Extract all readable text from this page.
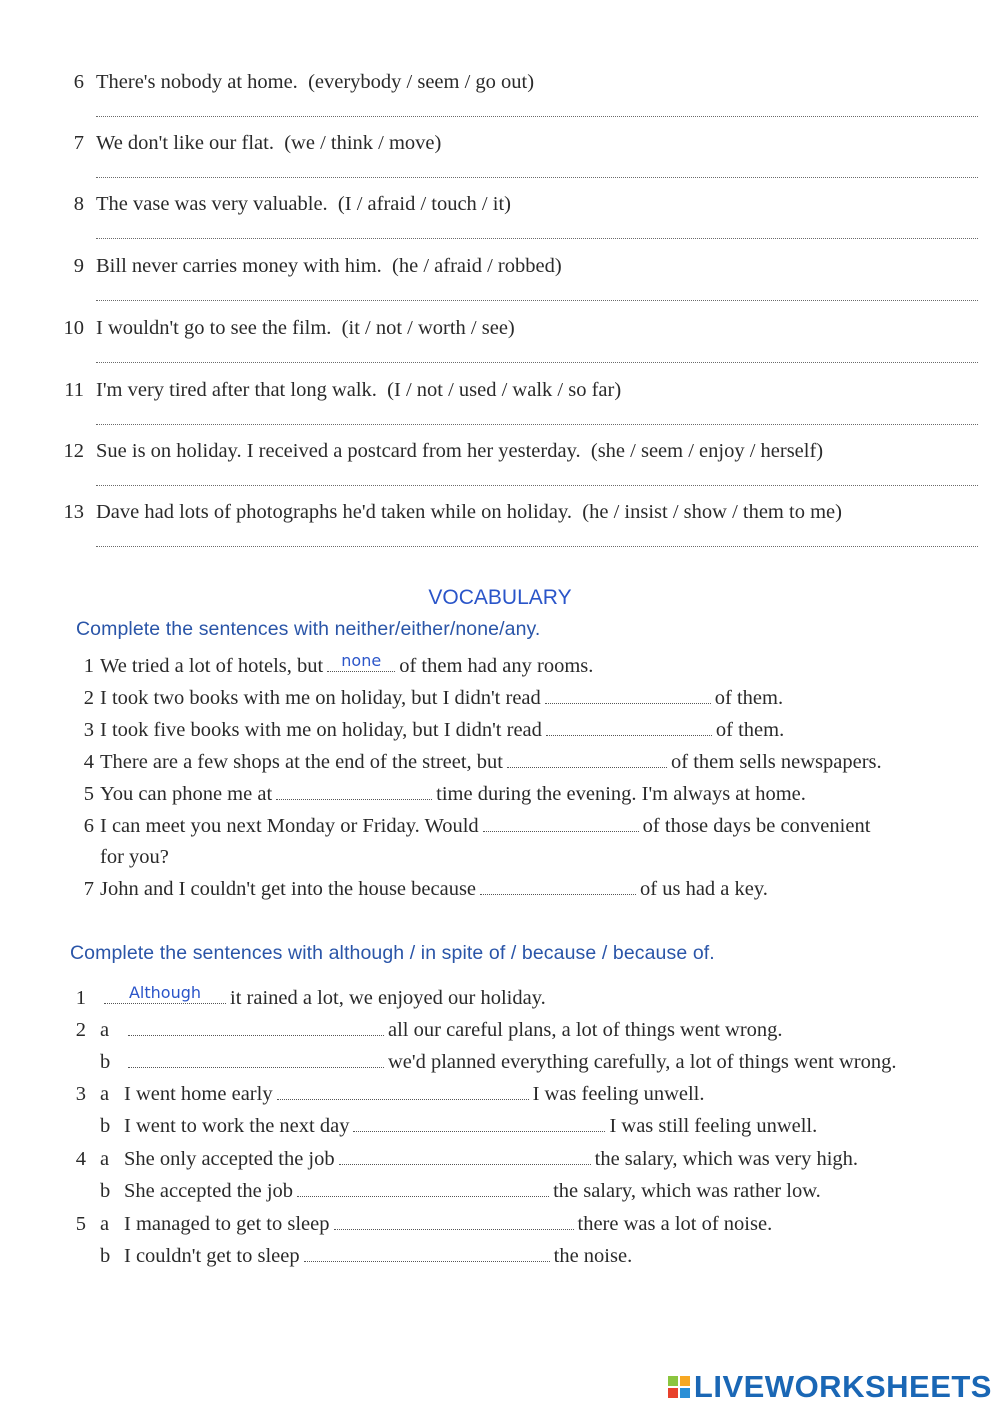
6 There's nobody at home. (everybody / seem / go out)
7 We don't like our flat. (we / think / move)
8 The vase was very valuable. (I / afraid / touch / it)
9 Bill never carries money with him. (he / afraid / robbed)
10 I wouldn't go to see the film. (it / not / worth / see)
11 I'm very tired after that long walk. (I / not / used / walk / so far)
12 Sue is on holiday. I received a postcard from her yesterday. (she / seem / enjoy / herself)
13 Dave had lots of photographs he'd taken while on holiday. (he / insist / show / them to me)
VOCABULARY
Complete the sentences with neither/either/none/any.
1 We tried a lot of hotels, but	none of them had any rooms.
2 I took two books with me on holiday, but I didn't read	of them.
3 I took five books with me on holiday, but I didn't read	of them.
4 There are a few shops at the end of the street, but	of them sells newspapers.
5 You can phone me at	time during the evening. I'm always at home.
6 I can meet you next Monday or Friday. Would	of those days be convenient
for you?
7 John and I couldn't get into the house because	of us had a key.
Complete the sentences with although / in spite of / because / because of.
1	Although	it rained a lot, we enjoyed our holiday.
2 a	all our careful plans, a lot of things went wrong.
b	we'd planned everything carefully, a lot of things went wrong.
3 a I went home early	I was feeling unwell.
b I went to work the next day	I was still feeling unwell.
4 a She only accepted the job	the salary, which was very high.
b She accepted the job	the salary, which was rather low.
5 a I managed to get to sleep	there was a lot of noise.
b I couldn't get to sleep	the noise.
LIVEWORKSHEETS
